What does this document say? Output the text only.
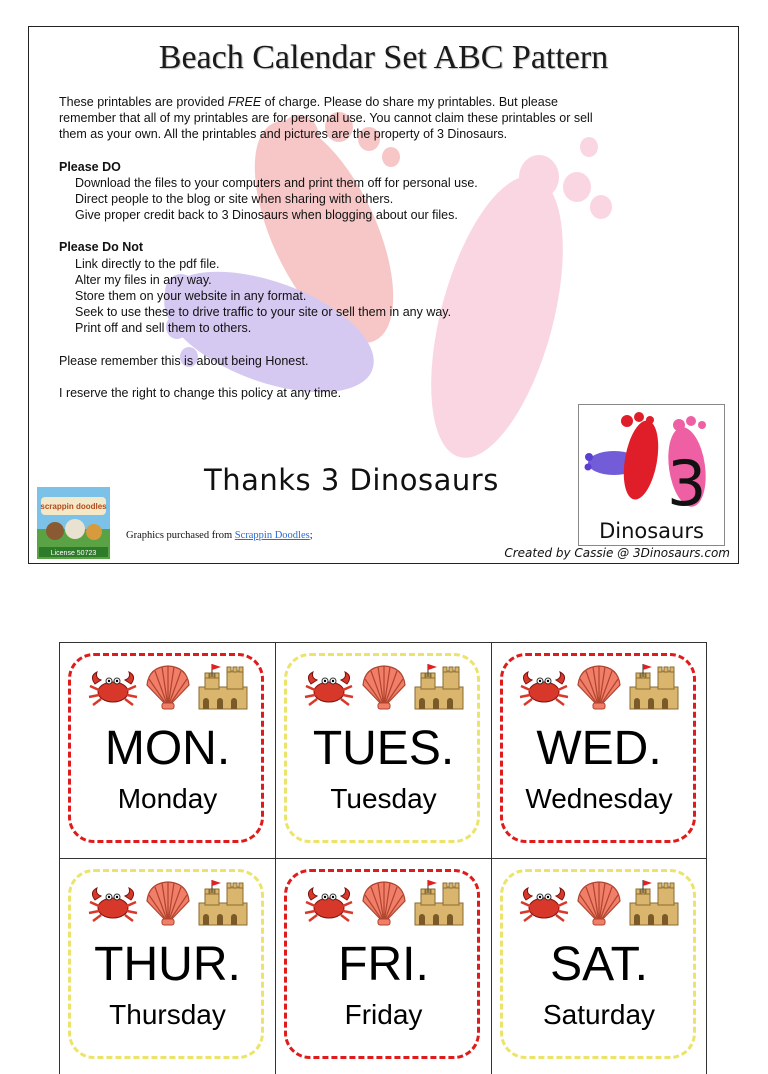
Beach Calendar Set ABC Pattern

These printables are provided FREE of charge. Please do share my printables. But please

remember that all of my printables are for personal use. You cannot claim these printables or sell

them as your own. All the printables and pictures are the property of 3 Dinosaurs.

Please DO

Download the files to your computers and print them off for personal use.

Direct people to the blog or site when sharing with others.

Give proper credit back to 3 Dinosaurs when blogging about our files.

Please Do Not

Link directly to the pdf file.

Alter my files in any way.

Store them on your website in any format.

Seek to use these to drive traffic to your site or sell them in any way.

Print off and sell them to others.

Please remember this is about being Honest.

I reserve the right to change this policy at any time.

Thanks 3 Dinosaurs	3
Dinosaurs
Created by Cassie @ 3Dinosaurs.com
scrappin doodles
License 50723
Graphics purchased from Scrappin Doodles;
MON.
Monday
TUES.
Tuesday
WED.
Wednesday
THUR.
Thursday
FRI.
Friday
SAT.
Saturday
